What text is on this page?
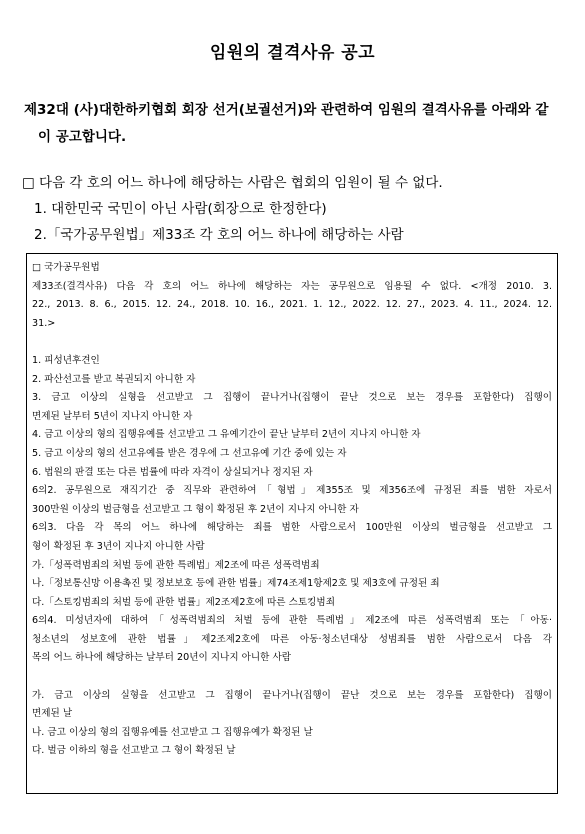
임원의 결격사유 공고
제32대 (사)대한하키협회 회장 선거(보궐선거)와 관련하여 임원의 결격사유를 아래와 같
이 공고합니다.
□ 다음 각 호의 어느 하나에 해당하는 사람은 협회의 임원이 될 수 없다.
1. 대한민국 국민이 아닌 사람(회장으로 한정한다)
2.「국가공무원법」제33조 각 호의 어느 하나에 해당하는 사람
□ 국가공무원법
제33조(결격사유) 다음 각 호의 어느 하나에 해당하는 자는 공무원으로 임용될 수 없다. <개정 2010. 3.
22., 2013. 8. 6., 2015. 12. 24., 2018. 10. 16., 2021. 1. 12., 2022. 12. 27., 2023. 4. 11., 2024. 12.
31.>
1. 피성년후견인
2. 파산선고를 받고 복권되지 아니한 자
3. 금고 이상의 실형을 선고받고 그 집행이 끝나거나(집행이 끝난 것으로 보는 경우를 포함한다) 집행이
면제된 날부터 5년이 지나지 아니한 자
4. 금고 이상의 형의 집행유예를 선고받고 그 유예기간이 끝난 날부터 2년이 지나지 아니한 자
5. 금고 이상의 형의 선고유예를 받은 경우에 그 선고유예 기간 중에 있는 자
6. 법원의 판결 또는 다른 법률에 따라 자격이 상실되거나 정지된 자
6의2. 공무원으로 재직기간 중 직무와 관련하여「형법」제355조 및 제356조에 규정된 죄를 범한 자로서
300만원 이상의 벌금형을 선고받고 그 형이 확정된 후 2년이 지나지 아니한 자
6의3. 다음 각 목의 어느 하나에 해당하는 죄를 범한 사람으로서 100만원 이상의 벌금형을 선고받고 그
형이 확정된 후 3년이 지나지 아니한 사람
가.「성폭력범죄의 처벌 등에 관한 특례법」제2조에 따른 성폭력범죄
나.「정보통신망 이용촉진 및 정보보호 등에 관한 법률」제74조제1항제2호 및 제3호에 규정된 죄
다.「스토킹범죄의 처벌 등에 관한 법률」제2조제2호에 따른 스토킹범죄
6의4. 미성년자에 대하여「성폭력범죄의 처벌 등에 관한 특례법」제2조에 따른 성폭력범죄 또는「아동·
청소년의 성보호에 관한 법률」제2조제2호에 따른 아동·청소년대상 성범죄를 범한 사람으로서 다음 각
목의 어느 하나에 해당하는 날부터 20년이 지나지 아니한 사람
가. 금고 이상의 실형을 선고받고 그 집행이 끝나거나(집행이 끝난 것으로 보는 경우를 포함한다) 집행이
면제된 날
나. 금고 이상의 형의 집행유예를 선고받고 그 집행유예가 확정된 날
다. 벌금 이하의 형을 선고받고 그 형이 확정된 날
